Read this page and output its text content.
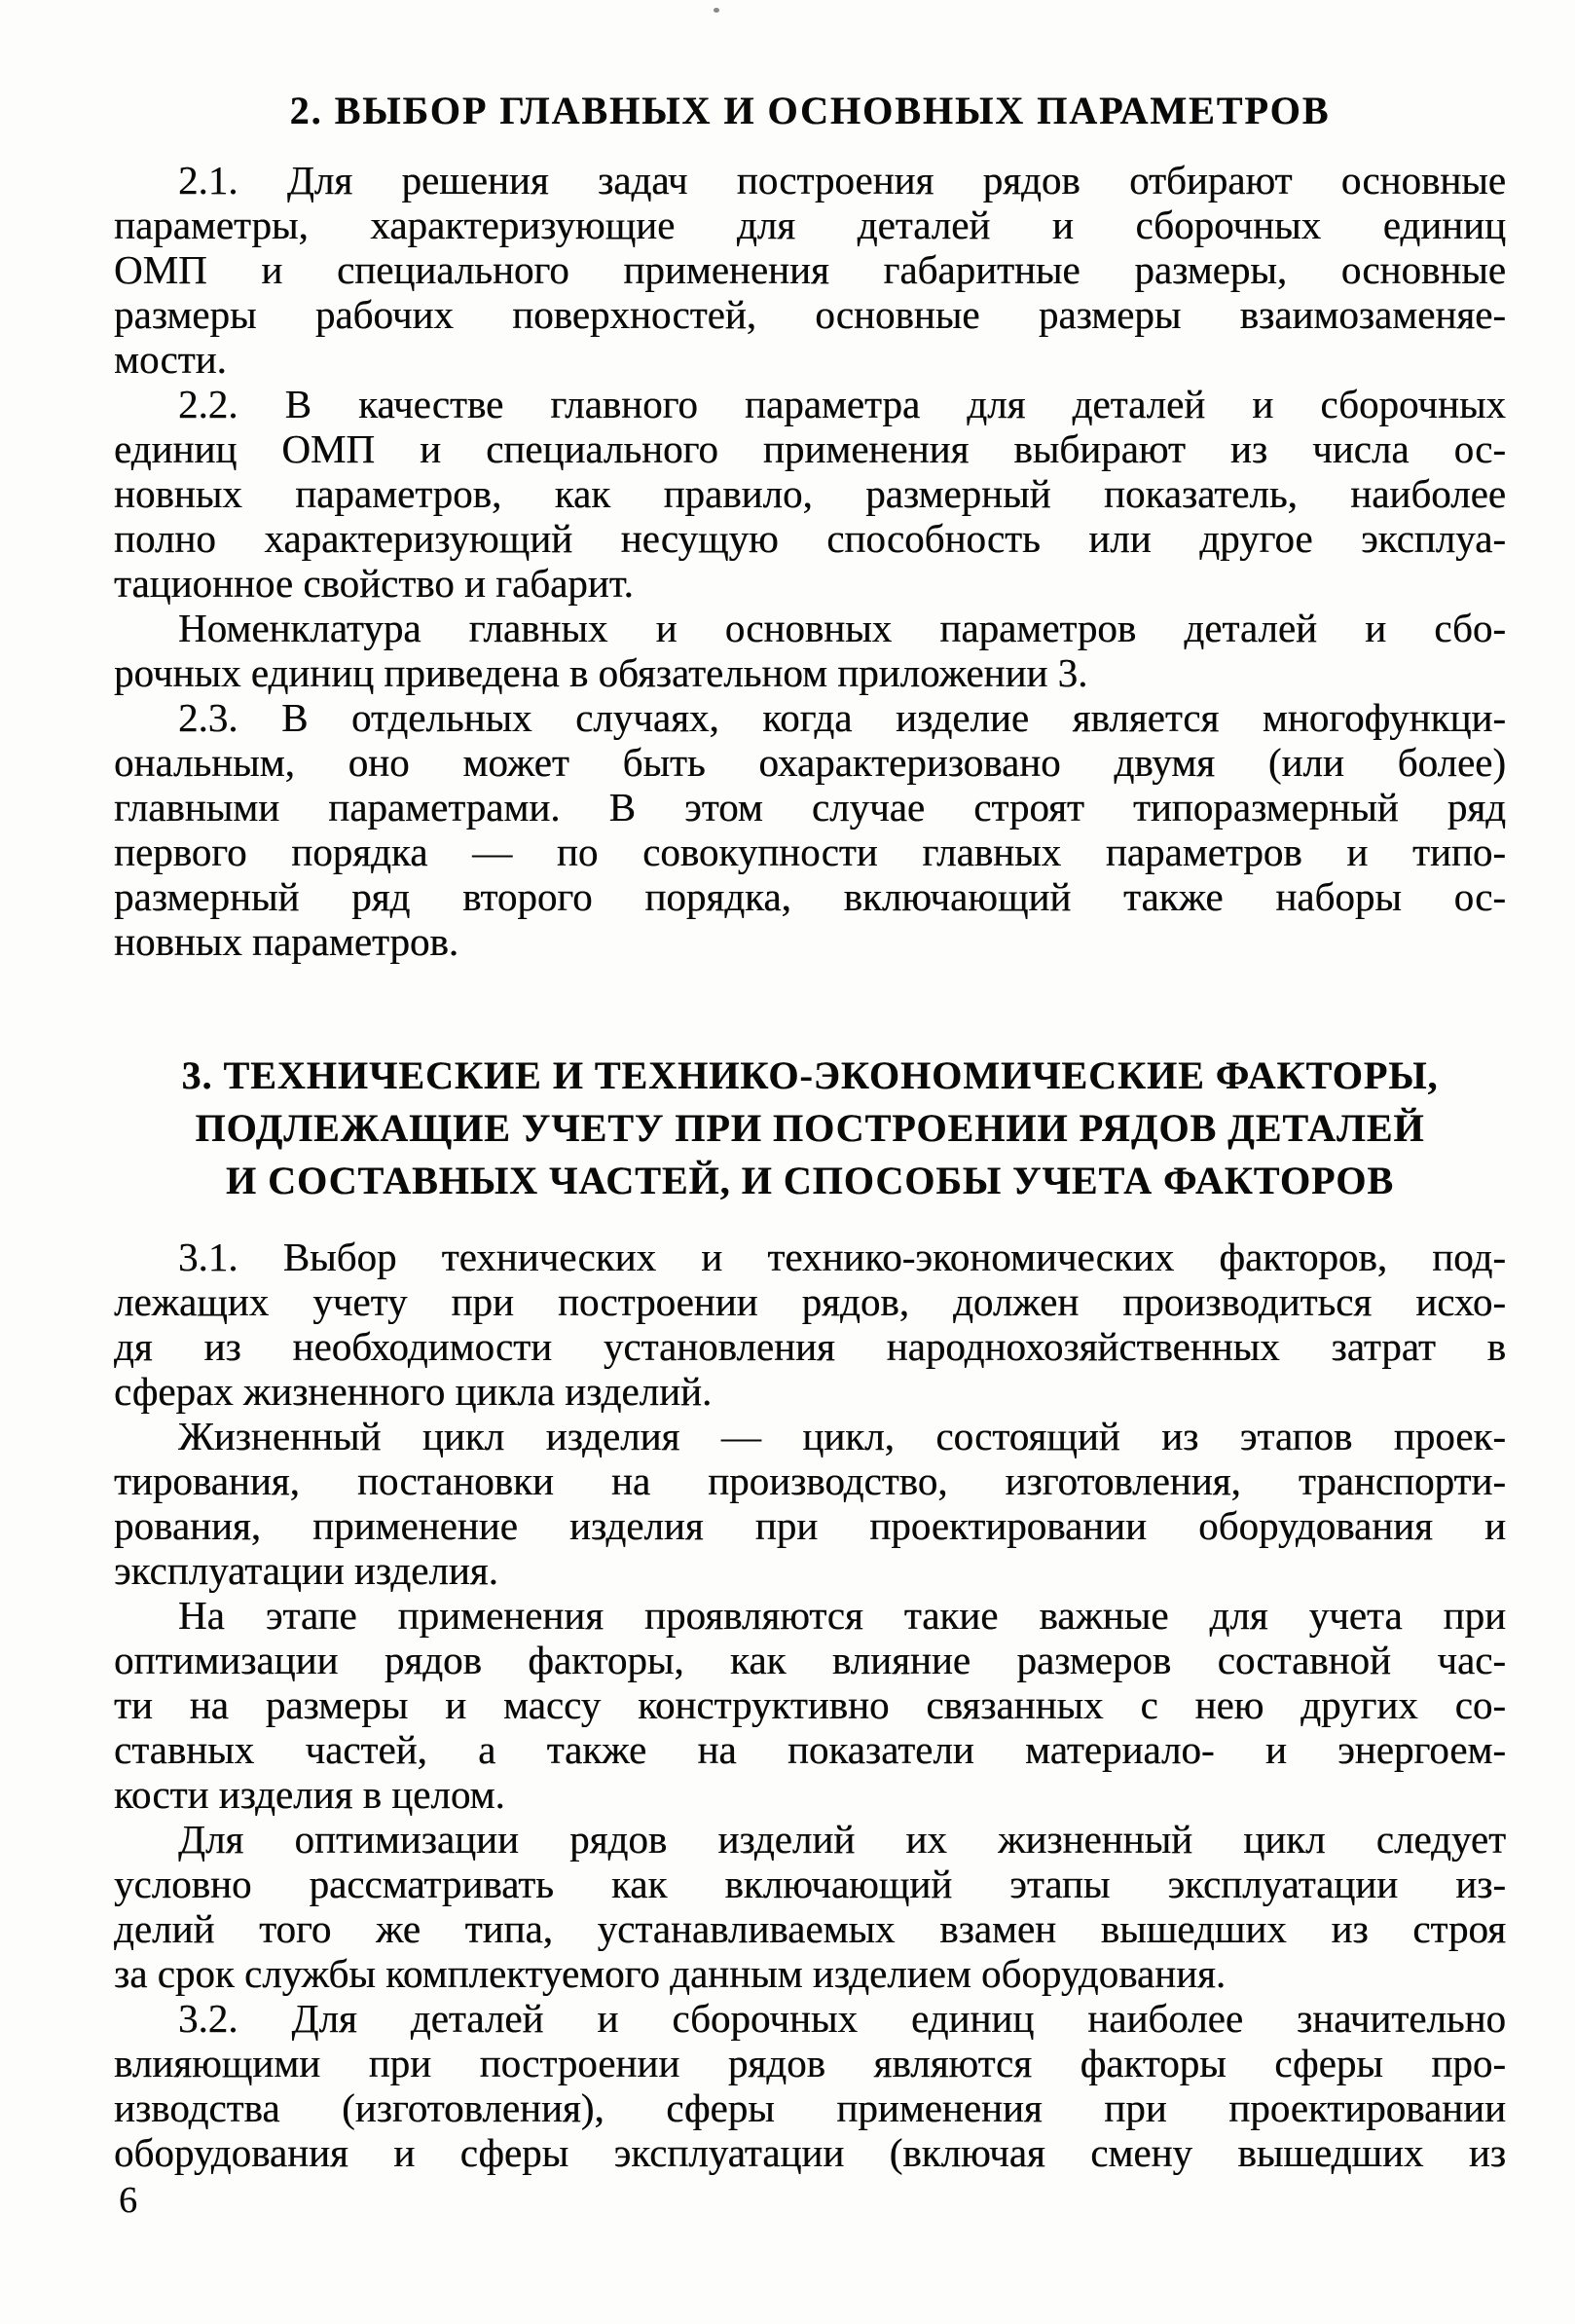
2. ВЫБОР ГЛАВНЫХ И ОСНОВНЫХ ПАРАМЕТРОВ
2.1. Для решения задач построения рядов отбирают основные
параметры, характеризующие для деталей и сборочных единиц
ОМП и специального применения габаритные размеры, основные
размеры рабочих поверхностей, основные размеры взаимозаменяе-
мости.
2.2. В качестве главного параметра для деталей и сборочных
единиц ОМП и специального применения выбирают из числа ос-
новных параметров, как правило, размерный показатель, наиболее
полно характеризующий несущую способность или другое эксплуа-
тационное свойство и габарит.
Номенклатура главных и основных параметров деталей и сбо-
рочных единиц приведена в обязательном приложении 3.
2.3. В отдельных случаях, когда изделие является многофункци-
ональным, оно может быть охарактеризовано двумя (или более)
главными параметрами. В этом случае строят типоразмерный ряд
первого порядка — по совокупности главных параметров и типо-
размерный ряд второго порядка, включающий также наборы ос-
новных параметров.
3. ТЕХНИЧЕСКИЕ И ТЕХНИКО-ЭКОНОМИЧЕСКИЕ ФАКТОРЫ,
ПОДЛЕЖАЩИЕ УЧЕТУ ПРИ ПОСТРОЕНИИ РЯДОВ ДЕТАЛЕЙ
И СОСТАВНЫХ ЧАСТЕЙ, И СПОСОБЫ УЧЕТА ФАКТОРОВ
3.1. Выбор технических и технико-экономических факторов, под-
лежащих учету при построении рядов, должен производиться исхо-
дя из необходимости установления народнохозяйственных затрат в
сферах жизненного цикла изделий.
Жизненный цикл изделия — цикл, состоящий из этапов проек-
тирования, постановки на производство, изготовления, транспорти-
рования, применение изделия при проектировании оборудования и
эксплуатации изделия.
На этапе применения проявляются такие важные для учета при
оптимизации рядов факторы, как влияние размеров составной час-
ти на размеры и массу конструктивно связанных с нею других со-
ставных частей, а также на показатели материало- и энергоем-
кости изделия в целом.
Для оптимизации рядов изделий их жизненный цикл следует
условно рассматривать как включающий этапы эксплуатации из-
делий того же типа, устанавливаемых взамен вышедших из строя
за срок службы комплектуемого данным изделием оборудования.
3.2. Для деталей и сборочных единиц наиболее значительно
влияющими при построении рядов являются факторы сферы про-
изводства (изготовления), сферы применения при проектировании
оборудования и сферы эксплуатации (включая смену вышедших из
6
